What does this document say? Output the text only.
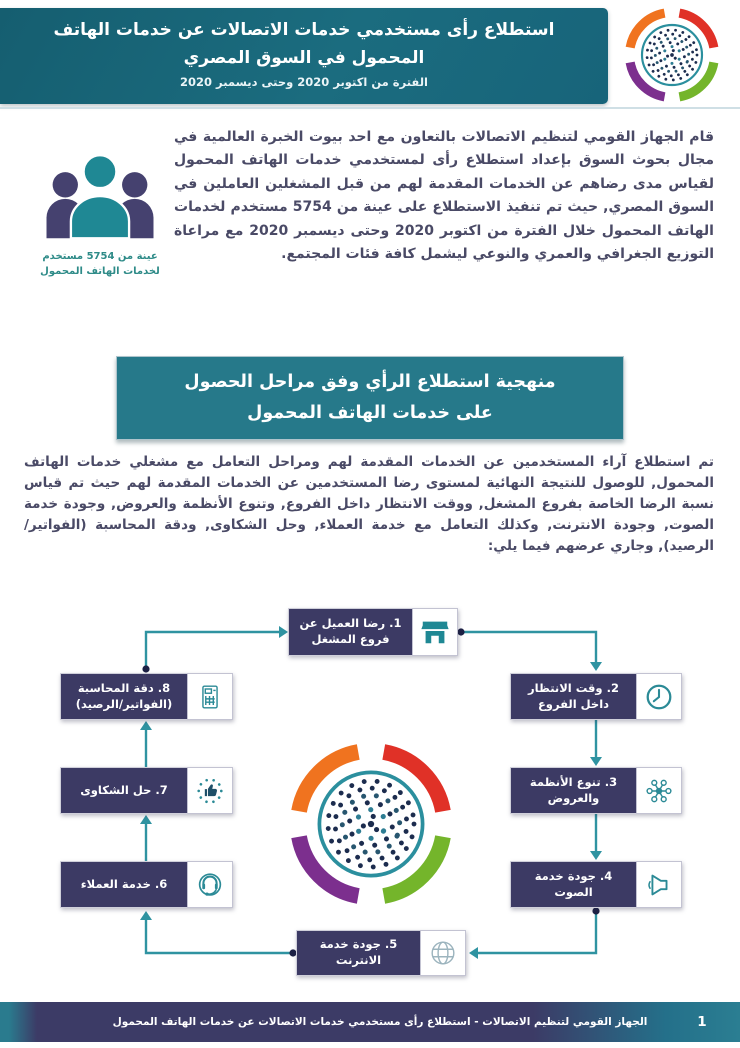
استطلاع رأى مستخدمي خدمات الاتصالات عن خدمات الهاتف
المحمول في السوق المصري
الفترة من اكتوبر 2020 وحتى ديسمبر 2020

قام الجهاز القومي لتنظيم الاتصالات بالتعاون مع احد بيوت الخبرة العالمية في مجال بحوث السوق بإعداد استطلاع رأى لمستخدمي خدمات الهاتف المحمول لقياس مدى رضاهم عن الخدمات المقدمة لهم من قبل المشغلين العاملين في السوق المصري, حيث تم تنفيذ الاستطلاع على عينة من 5754 مستخدم لخدمات الهاتف المحمول خلال الفترة من اكتوبر 2020 وحتى ديسمبر 2020 مع مراعاة التوزيع الجغرافي والعمري والنوعي ليشمل كافة فئات المجتمع.

عينة من 5754 مستخدم
لخدمات الهاتف المحمول
منهجية استطلاع الرأي وفق مراحل الحصول
على خدمات الهاتف المحمول

تم استطلاع آراء المستخدمين عن الخدمات المقدمة لهم ومراحل التعامل مع مشغلي خدمات الهاتف المحمول, للوصول للنتيجة النهائية لمستوى رضا المستخدمين عن الخدمات المقدمة لهم حيث تم قياس نسبة الرضا الخاصة بفروع المشغل, ووقت الانتظار داخل الفروع, وتنوع الأنظمة والعروض, وجودة خدمة الصوت, وجودة الانترنت, وكذلك التعامل مع خدمة العملاء, وحل الشكاوى, ودقة المحاسبة (الفواتير/الرصيد), وجاري عرضهم فيما يلي:

1. رضا العميل عن فروع المشغل
2. وقت الانتظار داخل الفروع
3. تنوع الأنظمة والعروض
4. جودة خدمة الصوت
5. جودة خدمة الانترنت
6. خدمة العملاء
7. حل الشكاوى
8. دقة المحاسبة (الفواتير/الرصيد)
الجهاز القومي لتنظيم الاتصالات - استطلاع رأى مستخدمي خدمات الاتصالات عن خدمات الهاتف المحمول	1
